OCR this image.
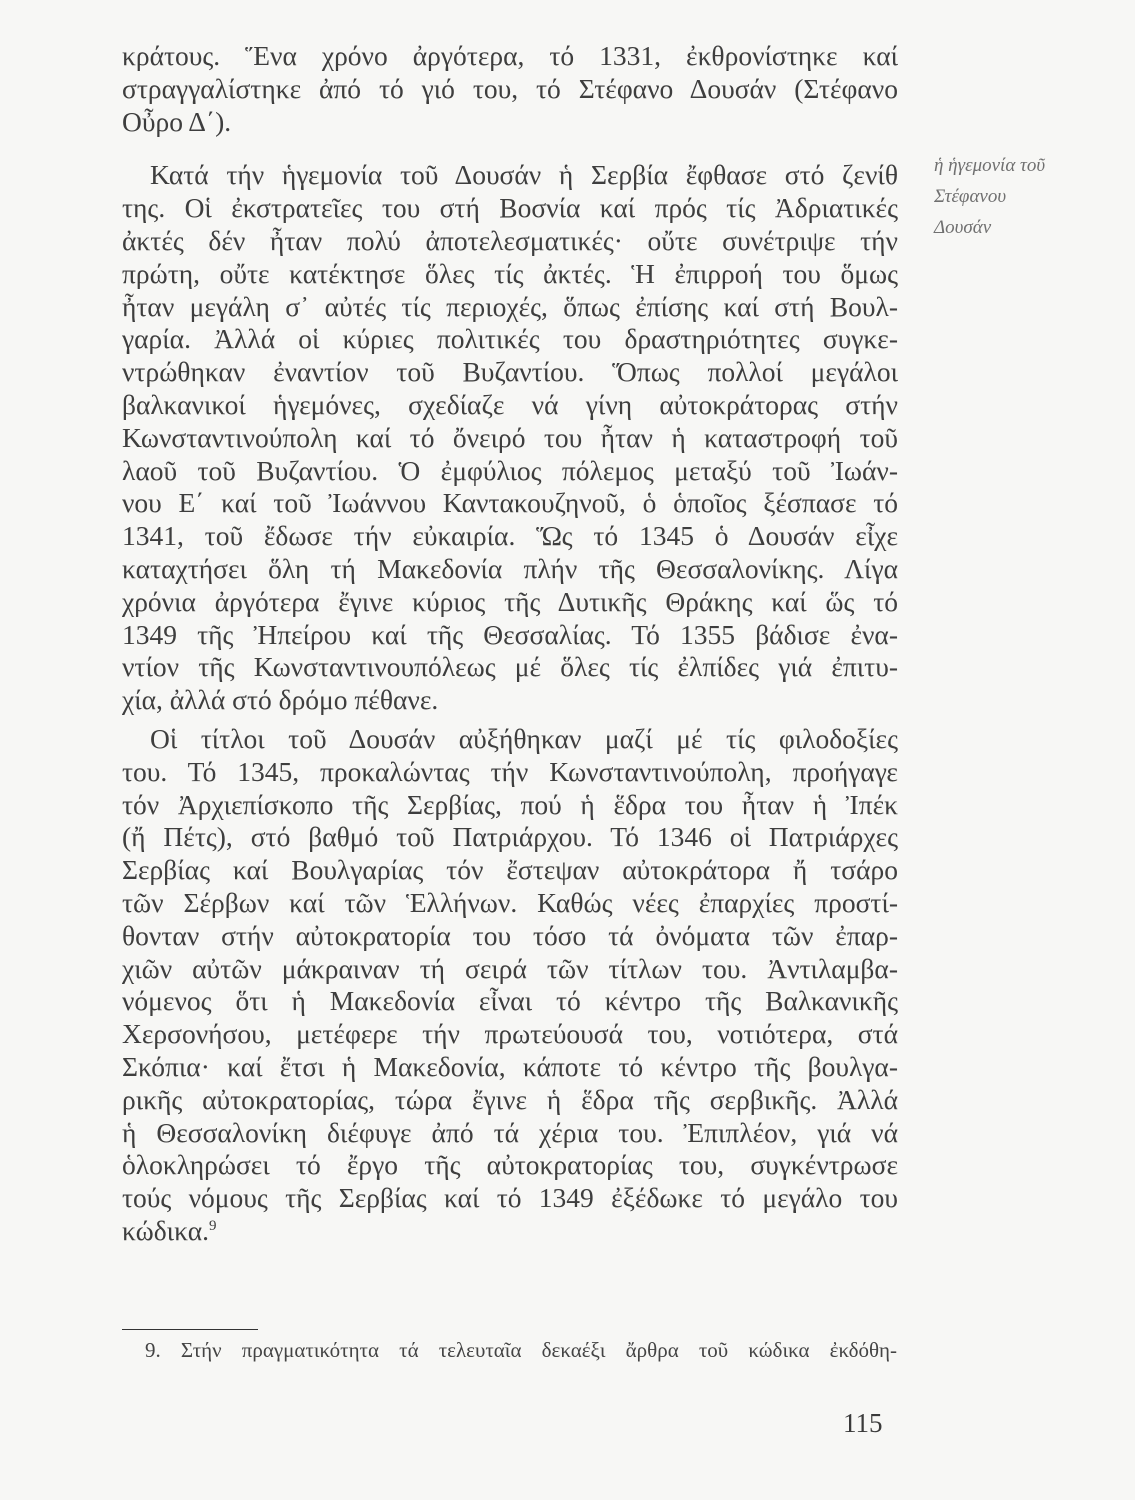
ἡ ἡγεμονία τοῦ
Στέφανου
Δουσάν
κράτους. Ἕνα χρόνο ἀργότερα, τό 1331, ἐκθρονίστηκε καί
στραγγαλίστηκε ἀπό τό γιό του, τό Στέφανο Δουσάν (Στέφανο
Οὖρο Δ΄).
Κατά τήν ἡγεμονία τοῦ Δουσάν ἡ Σερβία ἔφθασε στό ζενίθ
της. Οἱ ἐκστρατεῖες του στή Βοσνία καί πρός τίς Ἀδριατικές
ἀκτές δέν ἦταν πολύ ἀποτελεσματικές· οὔτε συνέτριψε τήν
πρώτη, οὔτε κατέκτησε ὅλες τίς ἀκτές. Ἡ ἐπιρροή του ὅμως
ἦταν μεγάλη σ᾽ αὐτές τίς περιοχές, ὅπως ἐπίσης καί στή Βουλ-
γαρία. Ἀλλά οἱ κύριες πολιτικές του δραστηριότητες συγκε-
ντρώθηκαν ἐναντίον τοῦ Βυζαντίου. Ὅπως πολλοί μεγάλοι
βαλκανικοί ἡγεμόνες, σχεδίαζε νά γίνη αὐτοκράτορας στήν
Κωνσταντινούπολη καί τό ὄνειρό του ἦταν ἡ καταστροφή τοῦ
λαοῦ τοῦ Βυζαντίου. Ὁ ἐμφύλιος πόλεμος μεταξύ τοῦ Ἰωάν-
νου Ε΄ καί τοῦ Ἰωάννου Καντακουζηνοῦ, ὁ ὁποῖος ξέσπασε τό
1341, τοῦ ἔδωσε τήν εὐκαιρία. Ὥς τό 1345 ὁ Δουσάν εἶχε
καταχτήσει ὅλη τή Μακεδονία πλήν τῆς Θεσσαλονίκης. Λίγα
χρόνια ἀργότερα ἔγινε κύριος τῆς Δυτικῆς Θράκης καί ὥς τό
1349 τῆς Ἠπείρου καί τῆς Θεσσαλίας. Τό 1355 βάδισε ἐνα-
ντίον τῆς Κωνσταντινουπόλεως μέ ὅλες τίς ἐλπίδες γιά ἐπιτυ-
χία, ἀλλά στό δρόμο πέθανε.
Οἱ τίτλοι τοῦ Δουσάν αὐξήθηκαν μαζί μέ τίς φιλοδοξίες
του. Τό 1345, προκαλώντας τήν Κωνσταντινούπολη, προήγαγε
τόν Ἀρχιεπίσκοπο τῆς Σερβίας, πού ἡ ἕδρα του ἦταν ἡ Ἰπέκ
(ἤ Πέτς), στό βαθμό τοῦ Πατριάρχου. Τό 1346 οἱ Πατριάρχες
Σερβίας καί Βουλγαρίας τόν ἔστεψαν αὐτοκράτορα ἤ τσάρο
τῶν Σέρβων καί τῶν Ἑλλήνων. Καθώς νέες ἐπαρχίες προστί-
θονταν στήν αὐτοκρατορία του τόσο τά ὀνόματα τῶν ἐπαρ-
χιῶν αὐτῶν μάκραιναν τή σειρά τῶν τίτλων του. Ἀντιλαμβα-
νόμενος ὅτι ἡ Μακεδονία εἶναι τό κέντρο τῆς Βαλκανικῆς
Χερσονήσου, μετέφερε τήν πρωτεύουσά του, νοτιότερα, στά
Σκόπια· καί ἔτσι ἡ Μακεδονία, κάποτε τό κέντρο τῆς βουλγα-
ρικῆς αὐτοκρατορίας, τώρα ἔγινε ἡ ἕδρα τῆς σερβικῆς. Ἀλλά
ἡ Θεσσαλονίκη διέφυγε ἀπό τά χέρια του. Ἐπιπλέον, γιά νά
ὁλοκληρώσει τό ἔργο τῆς αὐτοκρατορίας του, συγκέντρωσε
τούς νόμους τῆς Σερβίας καί τό 1349 ἐξέδωκε τό μεγάλο του
κώδικα.$^9$
9. Στήν πραγματικότητα τά τελευταῖα δεκαέξι ἄρθρα τοῦ κώδικα ἐκδόθη-
115
